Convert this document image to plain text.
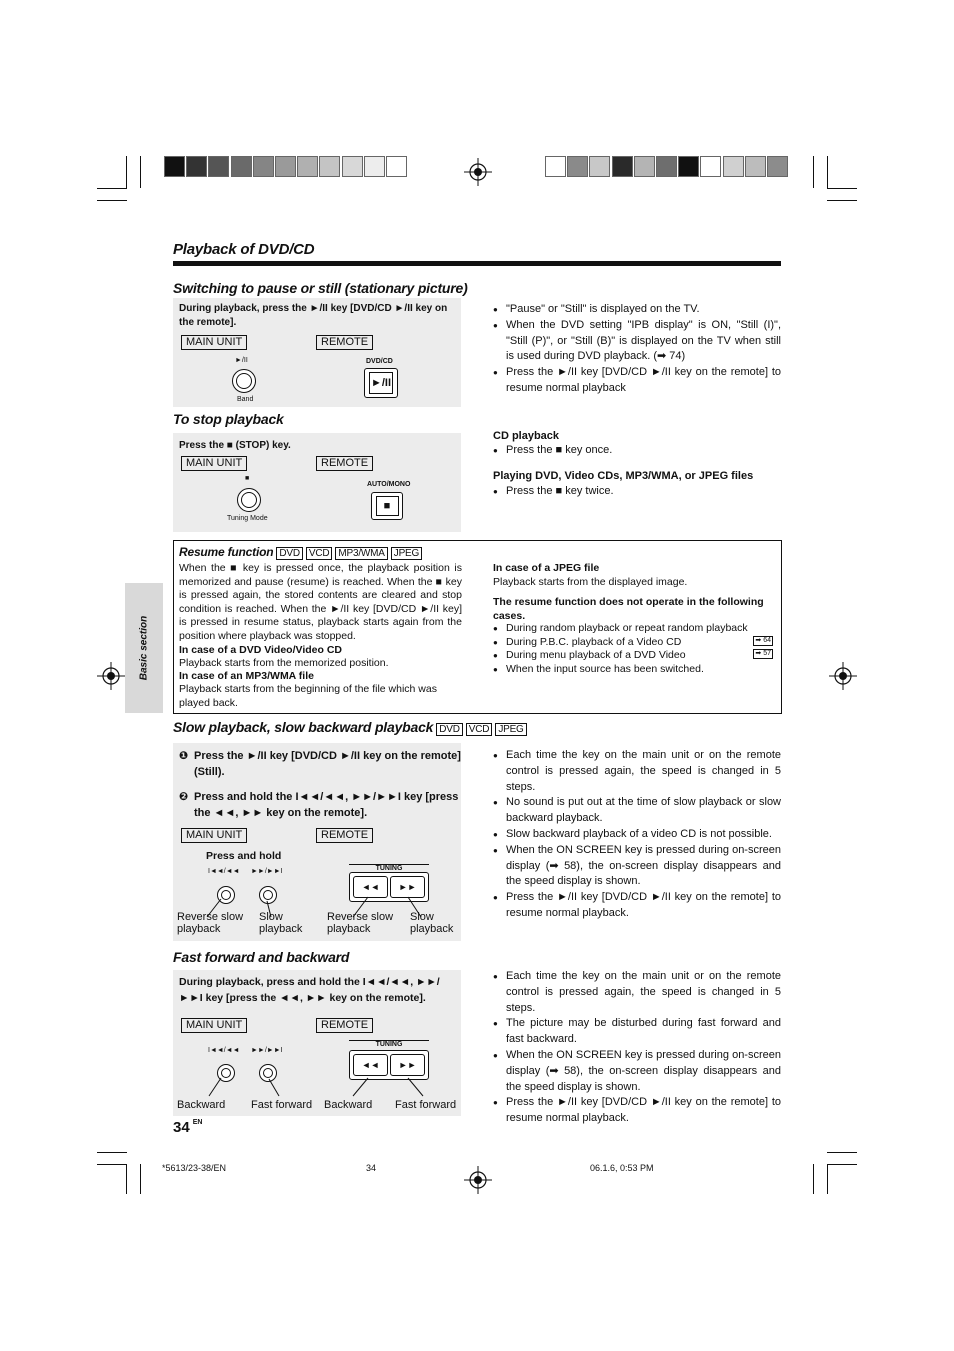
Playback of DVD/CD
Basic section
Switching to pause or still (stationary picture)
During playback, press the ►/II key [DVD/CD ►/II key on the remote].
MAIN UNIT	REMOTE
►/II
Band
DVD/CD
►/II
● "Pause" or "Still" is displayed on the TV.
● When the DVD setting "IPB display" is ON, "Still (I)", "Still (P)", or "Still (B)" is displayed on the TV when still is used during DVD playback. (➡ 74)
● Press the ►/II key [DVD/CD ►/II key on the remote] to resume normal playback
To stop playback
Press the ■ (STOP) key.
MAIN UNIT	REMOTE
■
Tuning Mode
AUTO/MONO
■
CD playback
● Press the ■ key once.
Playing DVD, Video CDs, MP3/WMA, or JPEG files
● Press the ■ key twice.
Resume function DVD VCD MP3/WMA JPEG
When the ■ key is pressed once, the playback position is memorized and pause (resume) is reached. When the ■ key is pressed again, the stored contents are cleared and stop condition is reached. When the ►/II key [DVD/CD ►/II key] is pressed in resume status, playback starts again from the position where playback was stopped.
In case of a DVD Video/Video CD
Playback starts from the memorized position.
In case of an MP3/WMA file
Playback starts from the beginning of the file which was played back.
In case of a JPEG file
Playback starts from the displayed image.
The resume function does not operate in the following cases.
● During random playback or repeat random playback
● During P.B.C. playback of a Video CD	➡ 64
● During menu playback of a DVD Video	➡ 57
● When the input source has been switched.
Slow playback, slow backward playback DVD VCD JPEG
❶ Press the ►/II key [DVD/CD ►/II key on the remote] (Still).
❷ Press and hold the I◄◄/◄◄, ►►/►►I key [press the ◄◄, ►► key on the remote].
MAIN UNIT	REMOTE
Press and hold
I◄◄/◄◄ ►►/►►I	TUNING
◄◄	►►
Reverse slow playback
Slow playback
Reverse slow playback
Slow playback
● Each time the key on the main unit or on the remote control is pressed again, the speed is changed in 5 steps.
● No sound is put out at the time of slow playback or slow backward playback.
● Slow backward playback of a video CD is not possible.
● When the ON SCREEN key is pressed during on-screen display (➡ 58), the on-screen display disappears and the speed display is shown.
● Press the ►/II key [DVD/CD ►/II key on the remote] to resume normal playback.
Fast forward and backward
During playback, press and hold the I◄◄/◄◄, ►►/►►I key [press the ◄◄, ►► key on the remote].
MAIN UNIT	REMOTE
I◄◄/◄◄ ►►/►►I
TUNING
◄◄	►►
Backward Fast forward Backward Fast forward
● Each time the key on the main unit or on the remote control is pressed again, the speed is changed in 5 steps.
● The picture may be disturbed during fast forward and fast backward.
● When the ON SCREEN key is pressed during on-screen display (➡ 58), the on-screen display disappears and the speed display is shown.
● Press the ►/II key [DVD/CD ►/II key on the remote] to resume normal playback.
34 $^{EN}$
*5613/23-38/EN	34	06.1.6, 0:53 PM
